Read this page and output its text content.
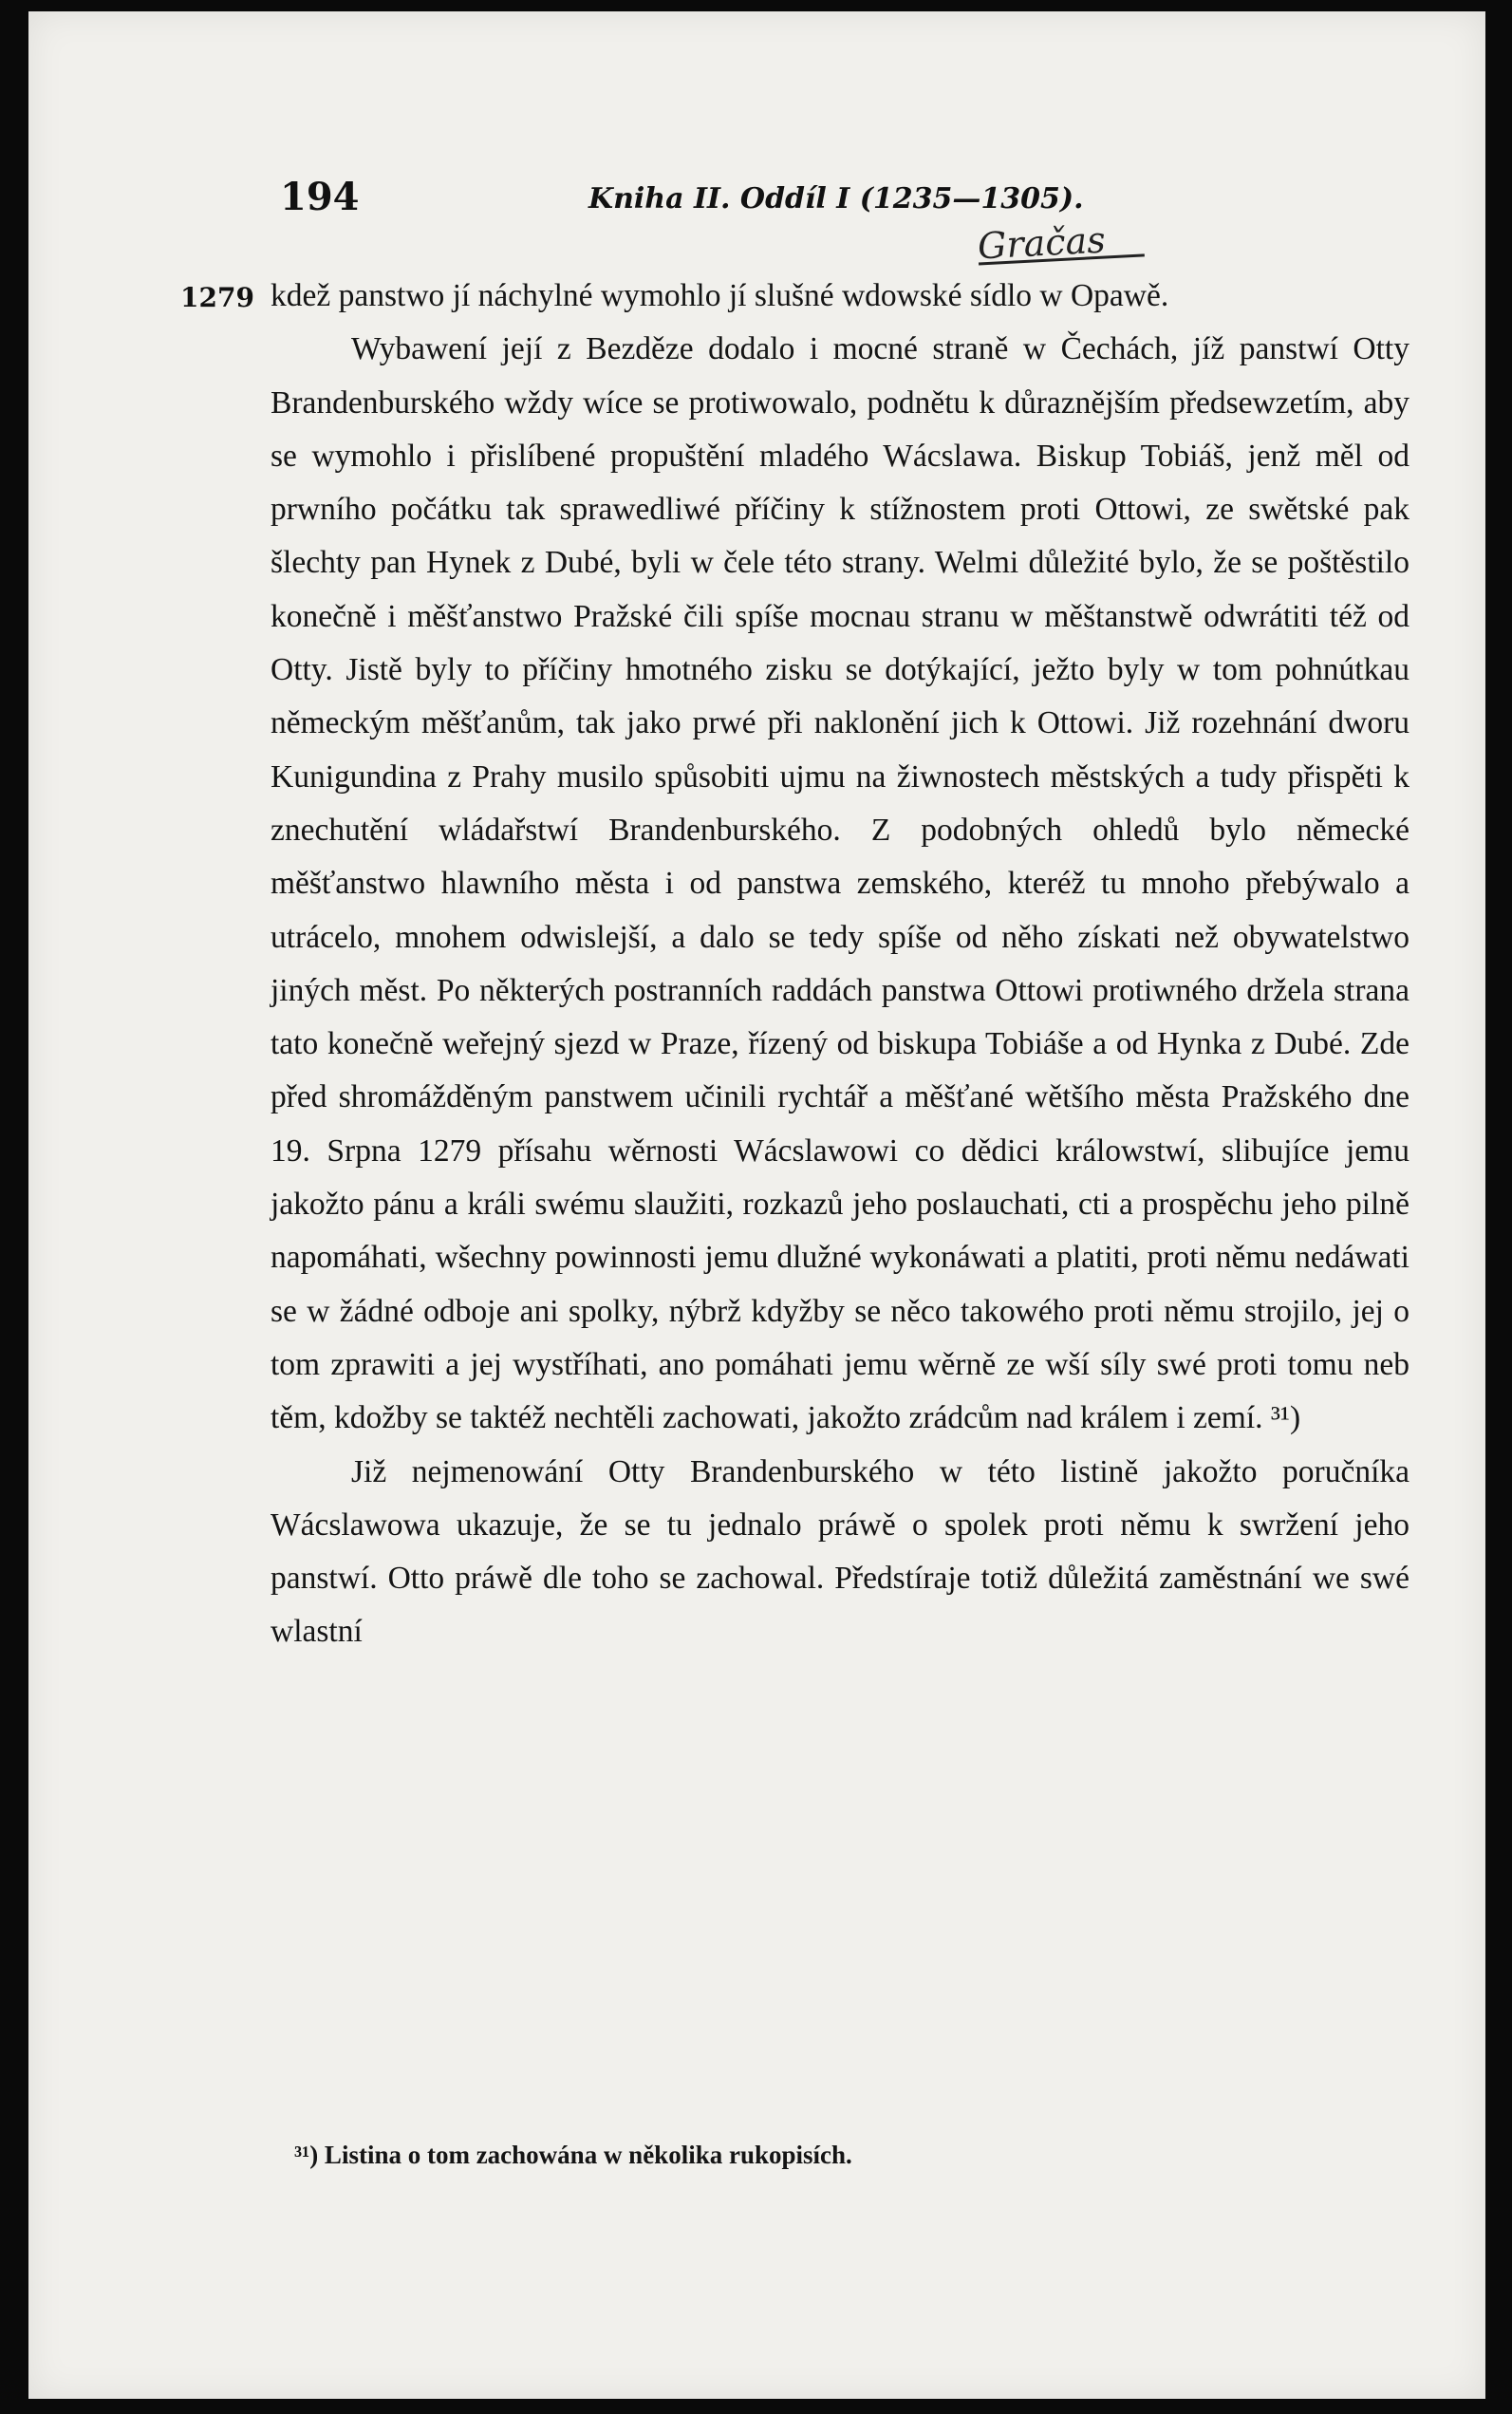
194	Kniha II. Oddíl I (1235—1305).
1279
Gračas

kdež panstwo jí náchylné wymohlo jí slušné wdowské sídlo w Opawě.

Wybawení její z Bezděze dodalo i mocné straně w Čechách, jíž panstwí Otty Brandenburského wždy wíce se protiwowalo, podnětu k důraznějším předsewzetím, aby se wymohlo i přislíbené propuštění mladého Wácslawa. Biskup Tobiáš, jenž měl od prwního počátku tak sprawedliwé příčiny k stížnostem proti Ottowi, ze swětské pak šlechty pan Hynek z Dubé, byli w čele této strany. Welmi důležité bylo, že se poštěstilo konečně i měšťanstwo Pražské čili spíše mocnau stranu w měštanstwě odwrátiti též od Otty. Jistě byly to příčiny hmotného zisku se dotýkající, ježto byly w tom pohnútkau německým měšťanům, tak jako prwé při naklonění jich k Ottowi. Již rozehnání dworu Kunigundina z Prahy musilo spůsobiti ujmu na žiwnostech městských a tudy přispěti k znechutění wládařstwí Brandenburského. Z podobných ohledů bylo německé měšťanstwo hlawního města i od panstwa zemského, kteréž tu mnoho přebýwalo a utrácelo, mnohem odwislejší, a dalo se tedy spíše od něho získati než obywatelstwo jiných měst. Po některých postranních raddách panstwa Ottowi protiwného držela strana tato konečně weřejný sjezd w Praze, řízený od biskupa Tobiáše a od Hynka z Dubé. Zde před shromážděným panstwem učinili rychtář a měšťané wětšího města Pražského dne 19. Srpna 1279 přísahu wěrnosti Wácslawowi co dědici králowstwí, slibujíce jemu jakožto pánu a králi swému slaužiti, rozkazů jeho poslauchati, cti a prospěchu jeho pilně napomáhati, wšechny powinnosti jemu dlužné wykonáwati a platiti, proti němu nedáwati se w žádné odboje ani spolky, nýbrž kdyžby se něco takowého proti němu strojilo, jej o tom zprawiti a jej wystříhati, ano pomáhati jemu wěrně ze wší síly swé proti tomu neb těm, kdožby se taktéž nechtěli zachowati, jakožto zrádcům nad králem i zemí. ³¹)

Již nejmenowání Otty Brandenburského w této listině jakožto poručníka Wácslawowa ukazuje, že se tu jednalo práwě o spolek proti němu k swržení jeho panstwí. Otto práwě dle toho se zachowal. Předstíraje totiž důležitá zaměstnání we swé wlastní

³¹) Listina o tom zachowána w několika rukopisích.
